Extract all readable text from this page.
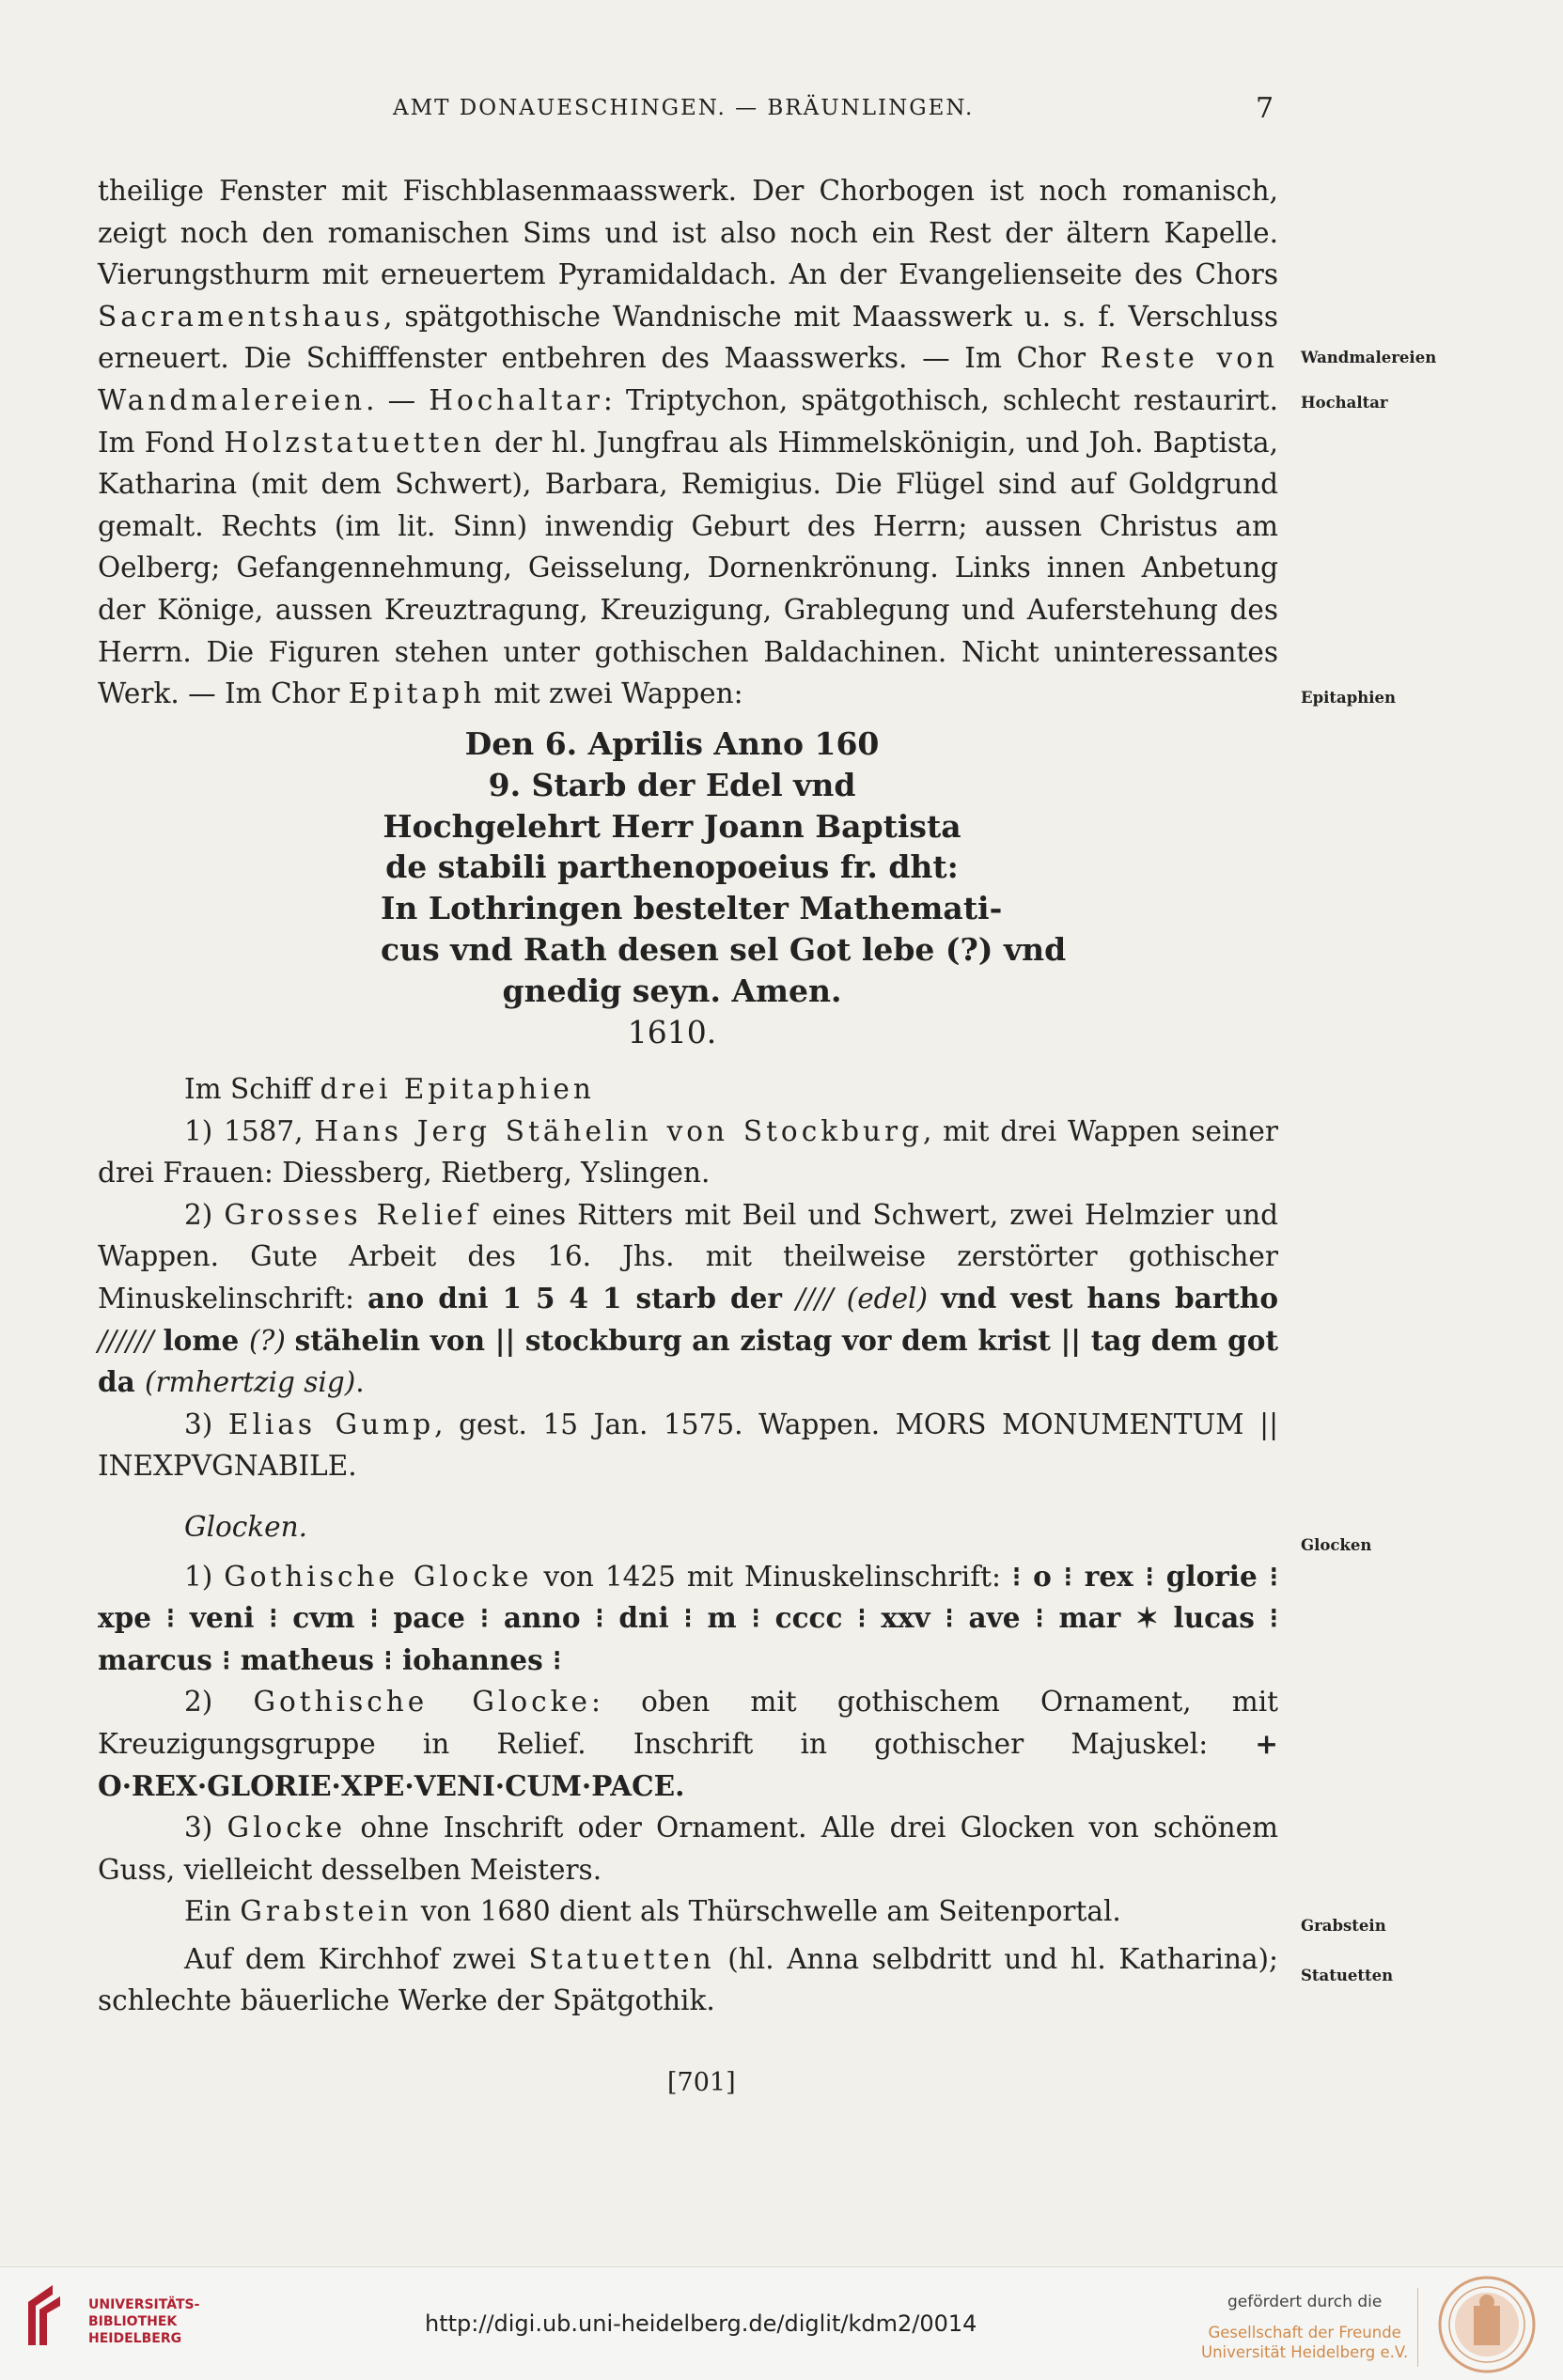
AMT DONAUESCHINGEN. — BRÄUNLINGEN.	7

theilige Fenster mit Fischblasenmaasswerk. Der Chorbogen ist noch romanisch, zeigt noch den romanischen Sims und ist also noch ein Rest der ältern Kapelle. Vierungsthurm mit erneuertem Pyramidaldach. An der Evangelienseite des Chors Sacramentshaus, spätgothische Wandnische mit Maasswerk u. s. f. Verschluss erneuert. Die Schifffenster entbehren des Maasswerks. — Im Chor Reste von Wandmalereien. — Hochaltar: Triptychon, spätgothisch, schlecht restaurirt. Im Fond Holzstatuetten der hl. Jungfrau als Himmelskönigin, und Joh. Baptista, Katharina (mit dem Schwert), Barbara, Remigius. Die Flügel sind auf Goldgrund gemalt. Rechts (im lit. Sinn) inwendig Geburt des Herrn; aussen Christus am Oelberg; Gefangennehmung, Geisselung, Dornenkrönung. Links innen Anbetung der Könige, aussen Kreuztragung, Kreuzigung, Grablegung und Auferstehung des Herrn. Die Figuren stehen unter gothischen Baldachinen. Nicht uninteressantes Werk. — Im Chor Epitaph mit zwei Wappen:

Den 6. Aprilis Anno 160
9. Starb der Edel vnd
Hochgelehrt Herr Joann Baptista
de stabili parthenopoeius fr. dht:
In Lothringen bestelter Mathemati-
cus vnd Rath desen sel Got lebe (?) vnd
gnedig seyn. Amen.
1610.

Im Schiff drei Epitaphien

1) 1587, Hans Jerg Stähelin von Stockburg, mit drei Wappen seiner drei Frauen: Diessberg, Rietberg, Yslingen.

2) Grosses Relief eines Ritters mit Beil und Schwert, zwei Helmzier und Wappen. Gute Arbeit des 16. Jhs. mit theilweise zerstörter gothischer Minuskelinschrift: ano dni 1 5 4 1 starb der //// (edel) vnd vest hans bartho ////// lome (?) stähelin von || stockburg an zistag vor dem krist || tag dem got da (rmhertzig sig).

3) Elias Gump, gest. 15 Jan. 1575. Wappen. MORS MONUMENTUM || INEXPVGNABILE.

Glocken.

1) Gothische Glocke von 1425 mit Minuskelinschrift: ⁝ o ⁝ rex ⁝ glorie ⁝ xpe ⁝ veni ⁝ cvm ⁝ pace ⁝ anno ⁝ dni ⁝ m ⁝ cccc ⁝ xxv ⁝ ave ⁝ mar ✶ lucas ⁝ marcus ⁝ matheus ⁝ iohannes ⁝

2) Gothische Glocke: oben mit gothischem Ornament, mit Kreuzigungsgruppe in Relief. Inschrift in gothischer Majuskel: + O·REX·GLORIE·XPE·VENI·CUM·PACE.

3) Glocke ohne Inschrift oder Ornament. Alle drei Glocken von schönem Guss, vielleicht desselben Meisters.

Ein Grabstein von 1680 dient als Thürschwelle am Seitenportal.

Auf dem Kirchhof zwei Statuetten (hl. Anna selbdritt und hl. Katharina); schlechte bäuerliche Werke der Spätgothik.

Wandmalereien
Hochaltar
Epitaphien
Glocken
Grabstein
Statuetten
[701]
UNIVERSITÄTS-
BIBLIOTHEK
HEIDELBERG
http://digi.ub.uni-heidelberg.de/diglit/kdm2/0014
gefördert durch die
Gesellschaft der Freunde
Universität Heidelberg e.V.
